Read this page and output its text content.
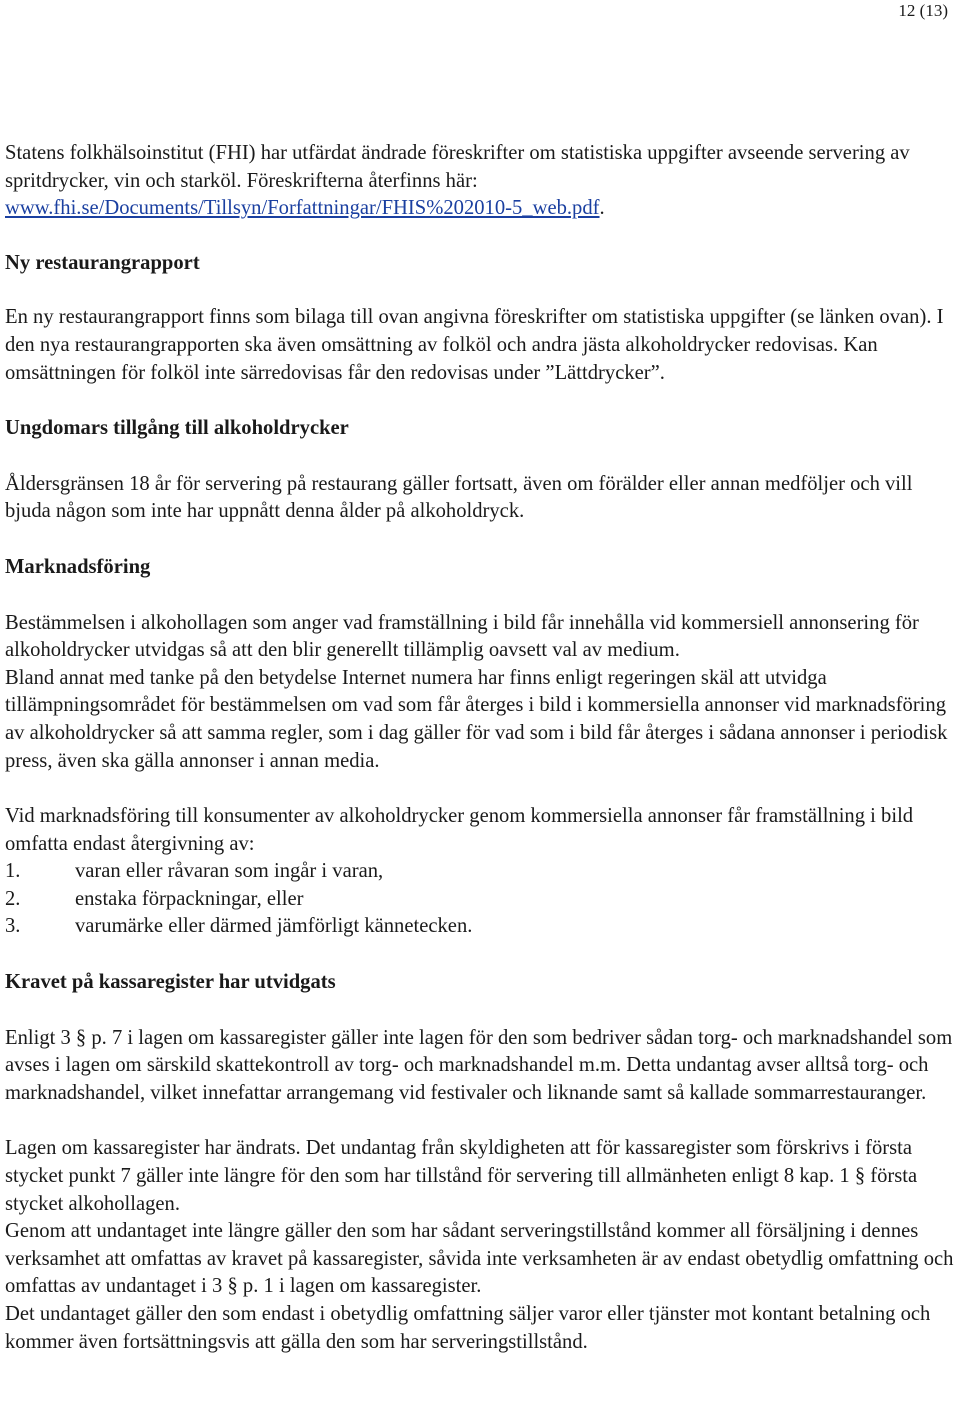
12 (13)

Statens folkhälsoinstitut (FHI) har utfärdat ändrade föreskrifter om statistiska uppgifter avseende servering av spritdrycker, vin och starköl. Föreskrifterna återfinns här:
www.fhi.se/Documents/Tillsyn/Forfattningar/FHIS%202010-5_web.pdf.

Ny restaurangrapport

En ny restaurangrapport finns som bilaga till ovan angivna föreskrifter om statistiska uppgifter (se länken ovan). I den nya restaurangrapporten ska även omsättning av folköl och andra jästa alkoholdrycker redovisas. Kan omsättningen för folköl inte särredovisas får den redovisas under ”Lättdrycker”.

Ungdomars tillgång till alkoholdrycker

Åldersgränsen 18 år för servering på restaurang gäller fortsatt, även om förälder eller annan medföljer och vill bjuda någon som inte har uppnått denna ålder på alkoholdryck.

Marknadsföring

Bestämmelsen i alkohollagen som anger vad framställning i bild får innehålla vid kommersiell annonsering för alkoholdrycker utvidgas så att den blir generellt tillämplig oavsett val av medium.

Bland annat med tanke på den betydelse Internet numera har finns enligt regeringen skäl att utvidga tillämpningsområdet för bestämmelsen om vad som får återges i bild i kommersiella annonser vid marknadsföring av alkoholdrycker så att samma regler, som i dag gäller för vad som i bild får återges i sådana annonser i periodisk press, även ska gälla annonser i annan media.

Vid marknadsföring till konsumenter av alkoholdrycker genom kommersiella annonser får framställning i bild omfatta endast återgivning av:

1.	varan eller råvaran som ingår i varan,
2.	enstaka förpackningar, eller
3.	varumärke eller därmed jämförligt kännetecken.
Kravet på kassaregister har utvidgats

Enligt 3 § p. 7 i lagen om kassaregister gäller inte lagen för den som bedriver sådan torg- och marknadshandel som avses i lagen om särskild skattekontroll av torg- och marknadshandel m.m. Detta undantag avser alltså torg- och marknadshandel, vilket innefattar arrangemang vid festivaler och liknande samt så kallade sommarrestauranger.

Lagen om kassaregister har ändrats. Det undantag från skyldigheten att för kassaregister som förskrivs i första stycket punkt 7 gäller inte längre för den som har tillstånd för servering till allmänheten enligt 8 kap. 1 § första stycket alkohollagen.

Genom att undantaget inte längre gäller den som har sådant serveringstillstånd kommer all försäljning i dennes verksamhet att omfattas av kravet på kassaregister, såvida inte verksamheten är av endast obetydlig omfattning och omfattas av undantaget i 3 § p. 1 i lagen om kassaregister.

Det undantaget gäller den som endast i obetydlig omfattning säljer varor eller tjänster mot kontant betalning och kommer även fortsättningsvis att gälla den som har serveringstillstånd.
